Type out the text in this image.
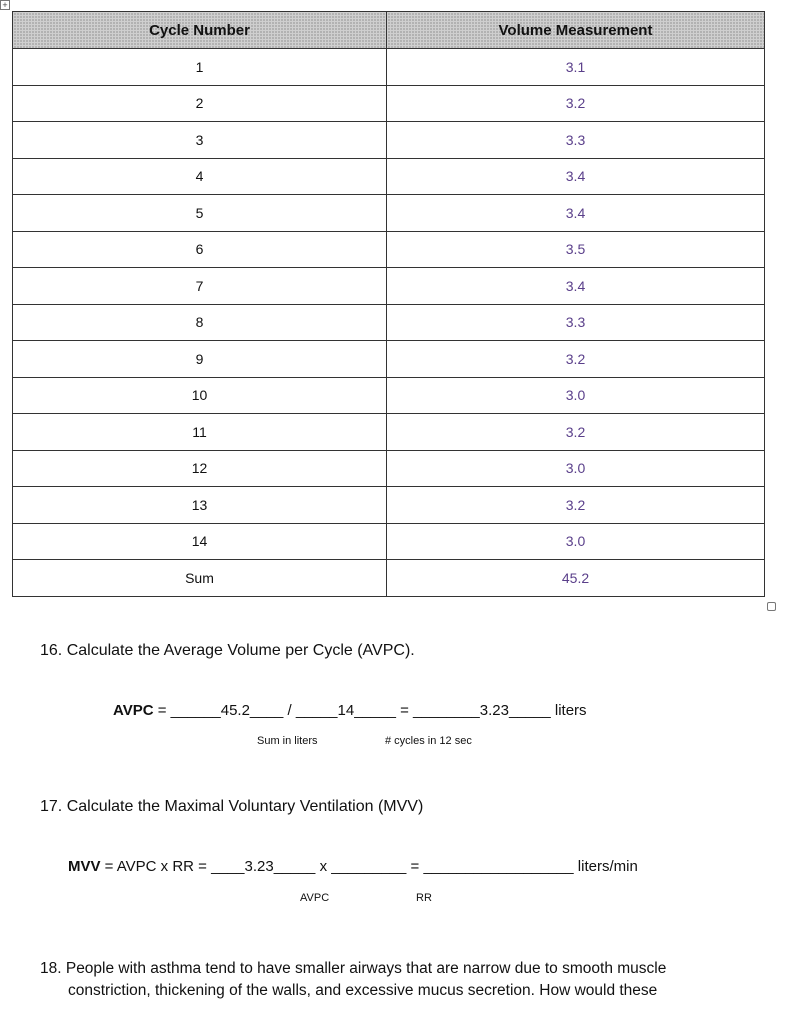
+
Cycle Number	Volume Measurement
1	3.1
2	3.2
3	3.3
4	3.4
5	3.4
6	3.5
7	3.4
8	3.3
9	3.2
10	3.0
11	3.2
12	3.0
13	3.2
14	3.0
Sum	45.2
16. Calculate the Average Volume per Cycle (AVPC).
AVPC = ______45.2____ / _____14_____ = ________3.23_____ liters
Sum in liters	# cycles in 12 sec
17. Calculate the Maximal Voluntary Ventilation (MVV)
MVV = AVPC x RR = ____3.23_____ x _________ = __________________ liters/min
AVPC	RR
18. People with asthma tend to have smaller airways that are narrow due to smooth muscle
constriction, thickening of the walls, and excessive mucus secretion. How would these
